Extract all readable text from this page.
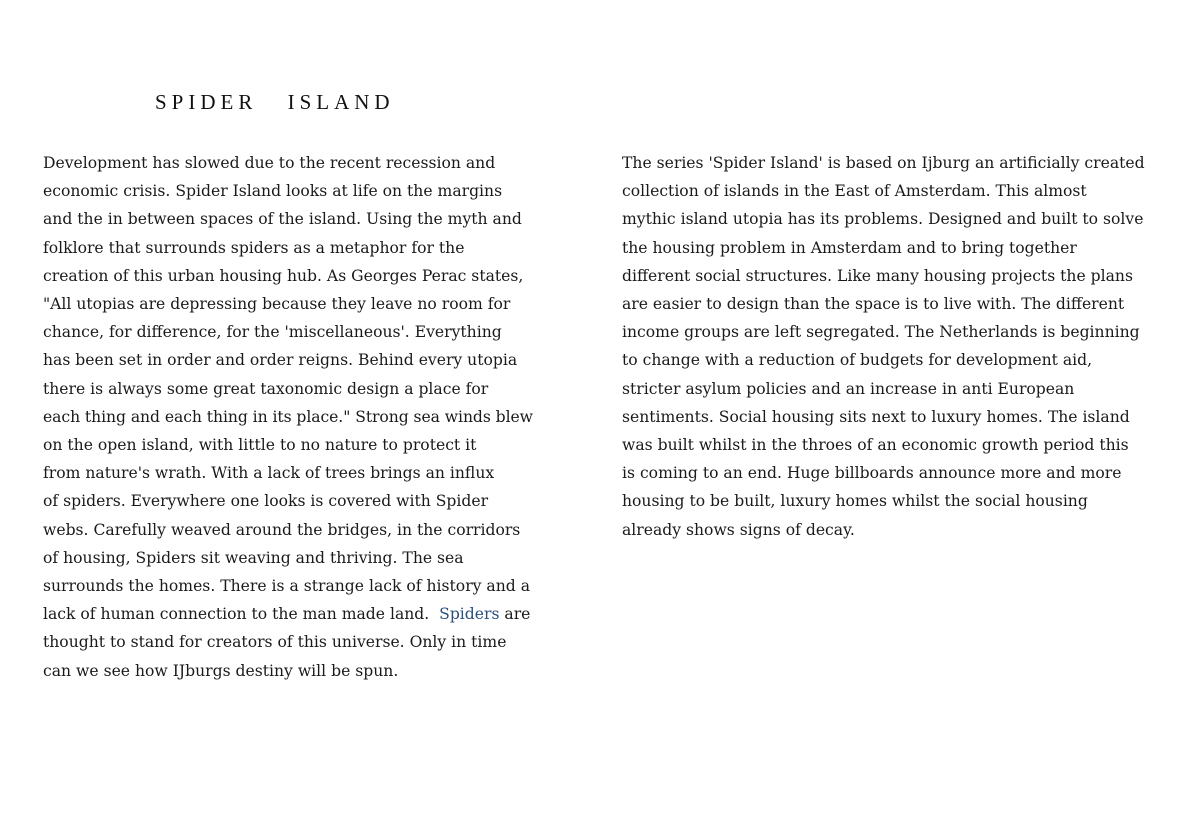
SPIDER ISLAND
Development has slowed due to the recent recession and
economic crisis. Spider Island looks at life on the margins
and the in between spaces of the island. Using the myth and
folklore that surrounds spiders as a metaphor for the
creation of this urban housing hub. As Georges Perac states,
"All utopias are depressing because they leave no room for
chance, for difference, for the 'miscellaneous'. Everything
has been set in order and order reigns. Behind every utopia
there is always some great taxonomic design a place for
each thing and each thing in its place." Strong sea winds blew
on the open island, with little to no nature to protect it
from nature's wrath. With a lack of trees brings an influx
of spiders. Everywhere one looks is covered with Spider
webs. Carefully weaved around the bridges, in the corridors
of housing, Spiders sit weaving and thriving. The sea
surrounds the homes. There is a strange lack of history and a
lack of human connection to the man made land.  Spiders are
thought to stand for creators of this universe. Only in time
can we see how IJburgs destiny will be spun.
The series 'Spider Island' is based on Ijburg an artificially created
collection of islands in the East of Amsterdam. This almost
mythic island utopia has its problems. Designed and built to solve
the housing problem in Amsterdam and to bring together
different social structures. Like many housing projects the plans
are easier to design than the space is to live with. The different
income groups are left segregated. The Netherlands is beginning
to change with a reduction of budgets for development aid,
stricter asylum policies and an increase in anti European
sentiments. Social housing sits next to luxury homes. The island
was built whilst in the throes of an economic growth period this
is coming to an end. Huge billboards announce more and more
housing to be built, luxury homes whilst the social housing
already shows signs of decay.
